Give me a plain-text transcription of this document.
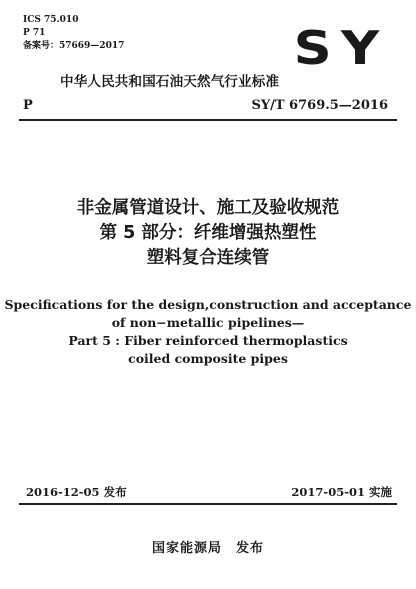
ICS 75.010
P 71
备案号：57669—2017	SY
中华人民共和国石油天然气行业标准
P	SY/T 6769.5—2016
非金属管道设计、施工及验收规范
第 5 部分：纤维增强热塑性
塑料复合连续管
Specifications for the design,construction and acceptance
of non−metallic pipelines—
Part 5 : Fiber reinforced thermoplastics
coiled composite pipes
2016-12-05 发布	2017-05-01 实施
国家能源局　发布
